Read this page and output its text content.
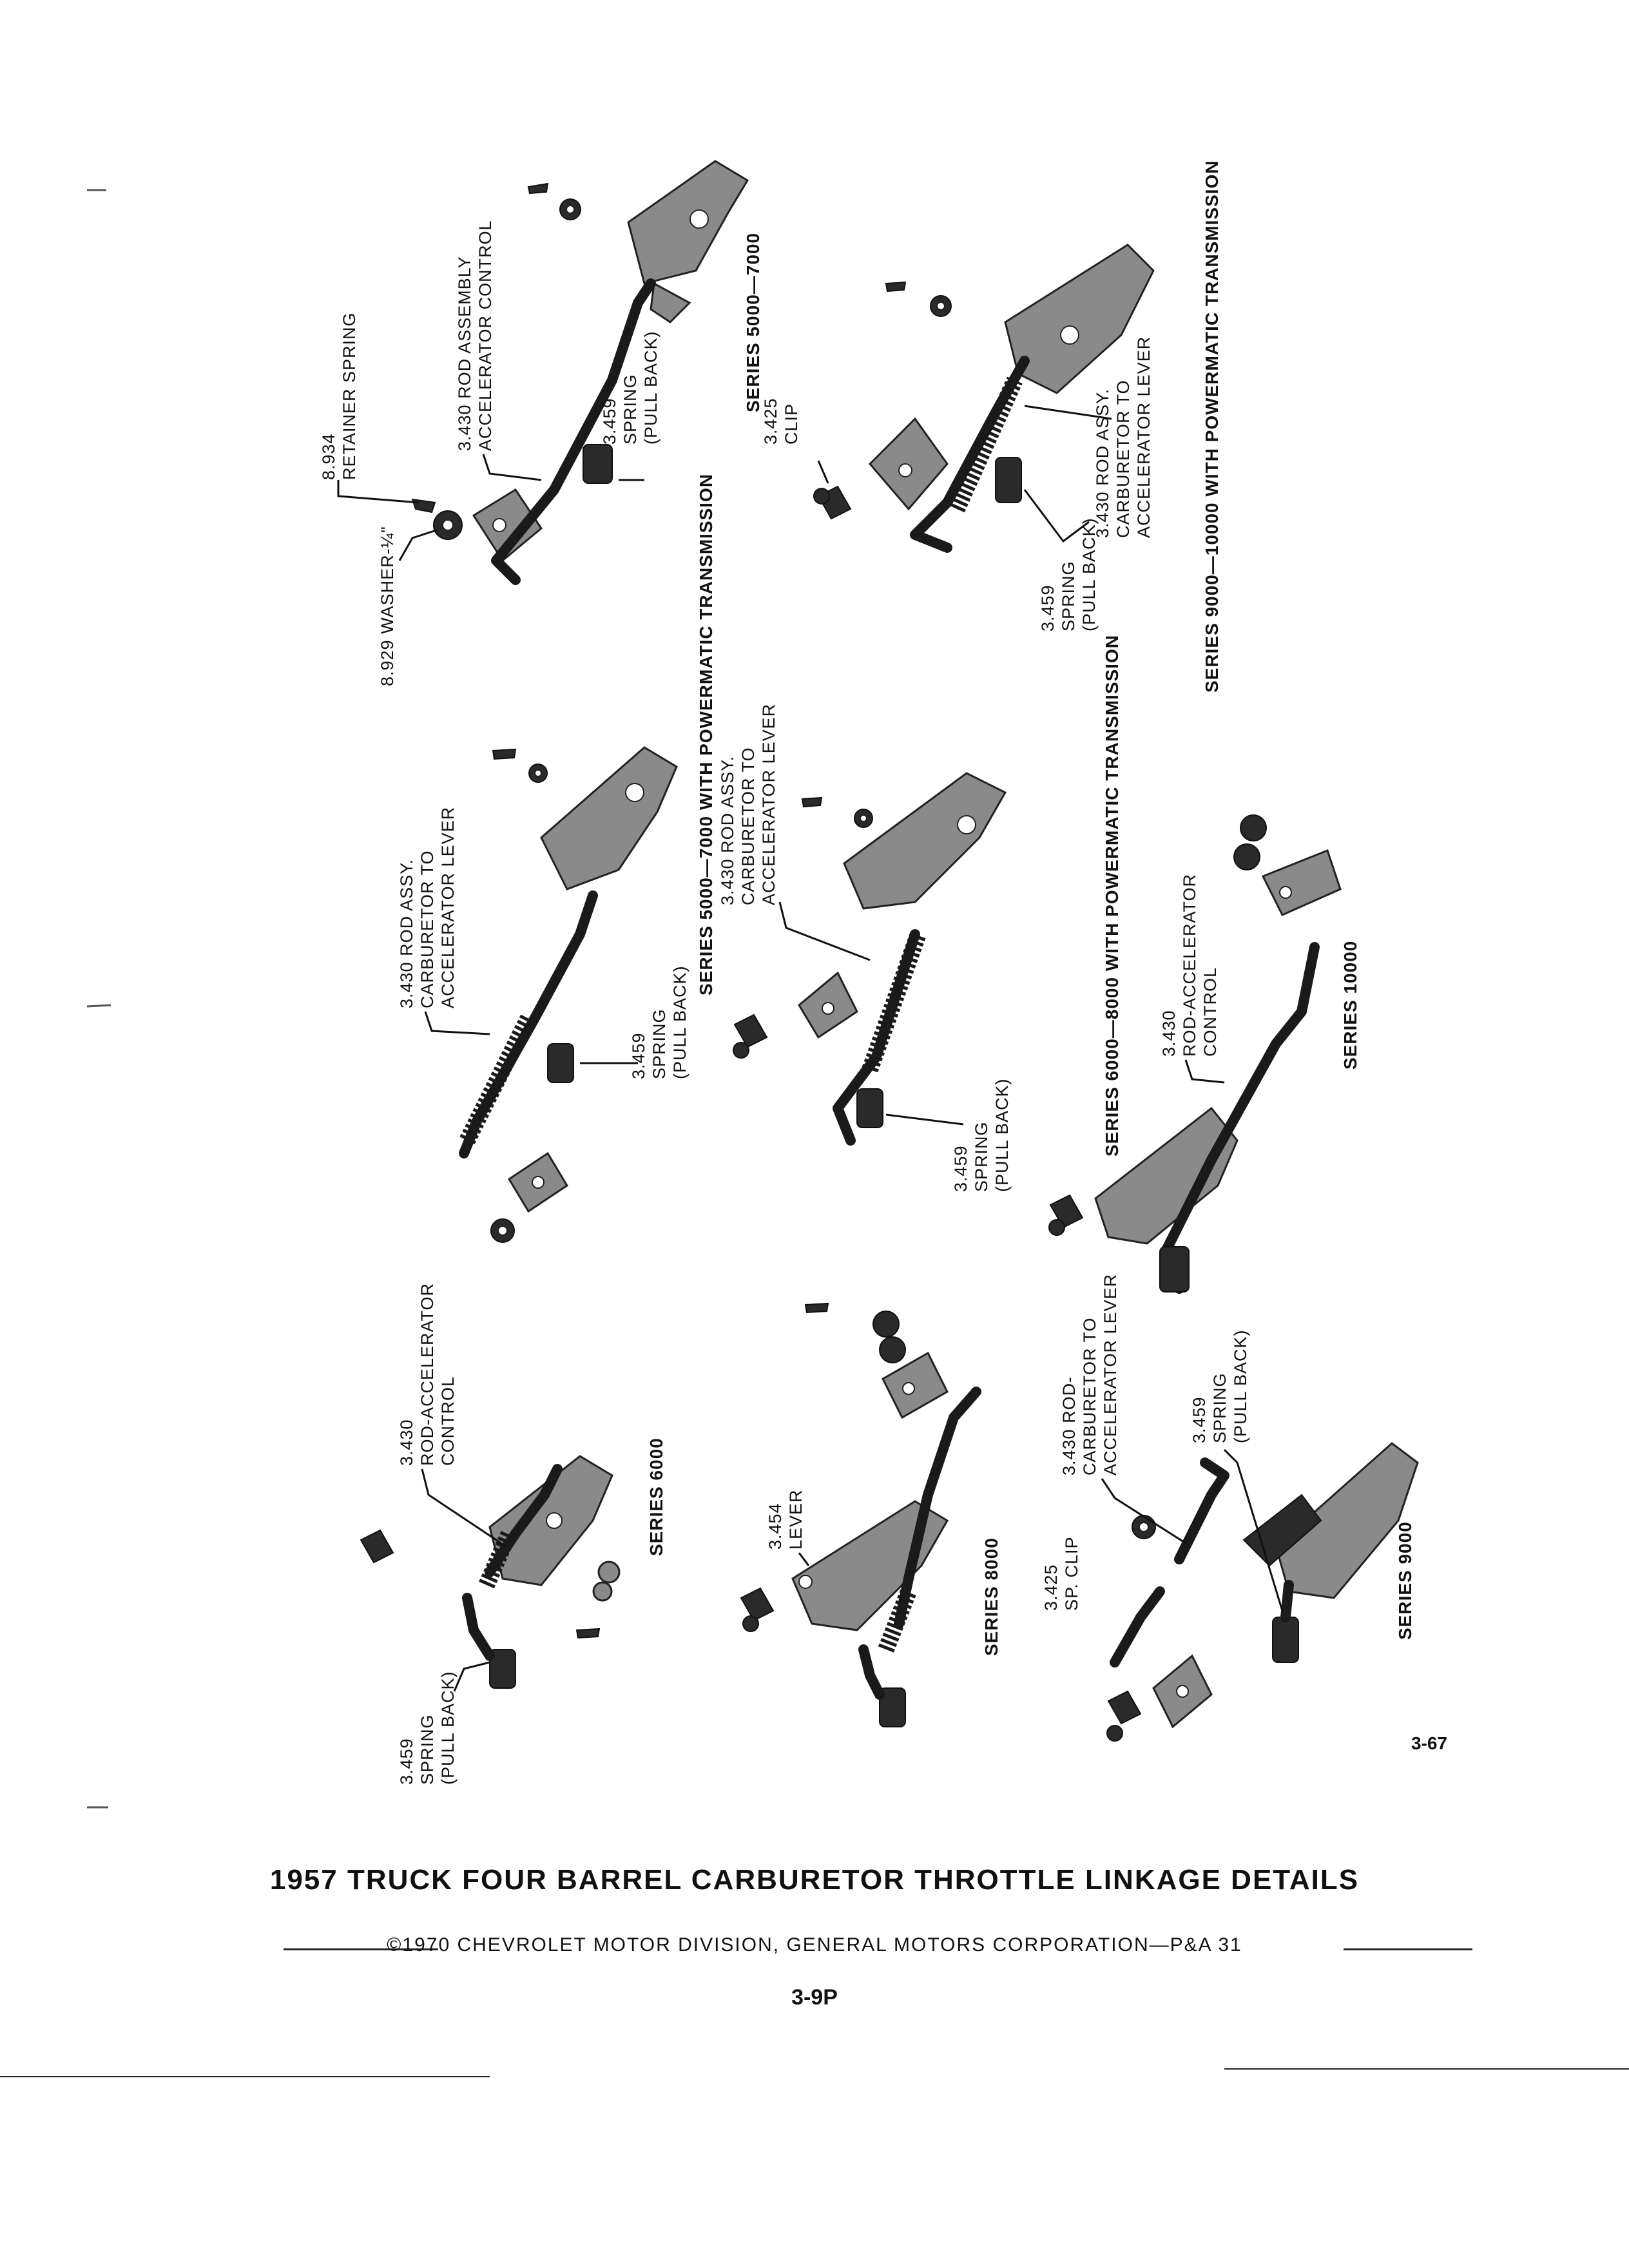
8.934RETAINER SPRING
8.929 WASHER-¼"
3.430 ROD ASSEMBLYACCELERATOR CONTROL	3.459SPRING(PULL BACK)	SERIES 5000—7000
3.425CLIP	3.430 ROD ASSY.CARBURETOR TOACCELERATOR LEVER
3.459SPRING(PULL BACK)	SERIES 9000—10000 WITH POWERMATIC TRANSMISSION
SERIES 5000—7000 WITH POWERMATIC TRANSMISSION
3.430 ROD ASSY.CARBURETOR TOACCELERATOR LEVER
3.459SPRING(PULL BACK)
3.430 ROD ASSY.CARBURETOR TOACCELERATOR LEVER
3.459SPRING(PULL BACK)	SERIES 6000—8000 WITH POWERMATIC TRANSMISSION 3.430ROD-ACCELERATORCONTROL	SERIES 10000
3.430ROD-ACCELERATORCONTROL
3.459SPRING(PULL BACK)
SERIES 6000	3.454LEVER
SERIES 8000 3.425SP. CLIP
3.430 ROD-CARBURETOR TOACCELERATOR LEVER	3.459SPRING(PULL BACK)
SERIES 9000
3-67
1957 TRUCK FOUR BARREL CARBURETOR THROTTLE LINKAGE DETAILS
©1970 CHEVROLET MOTOR DIVISION, GENERAL MOTORS CORPORATION—P&A 31
3-9P
